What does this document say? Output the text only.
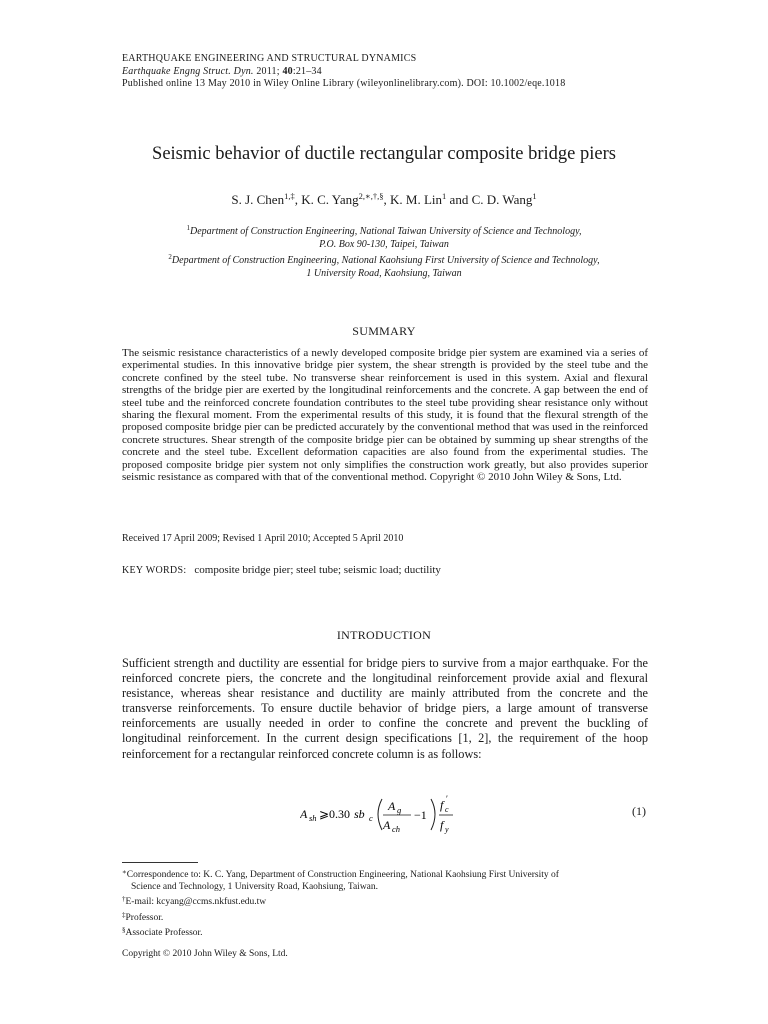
EARTHQUAKE ENGINEERING AND STRUCTURAL DYNAMICS
Earthquake Engng Struct. Dyn. 2011; 40:21–34
Published online 13 May 2010 in Wiley Online Library (wileyonlinelibrary.com). DOI: 10.1002/eqe.1018
Seismic behavior of ductile rectangular composite bridge piers
S. J. Chen$^{1,\ddagger}$, K. C. Yang$^{2,∗,\dagger,\S}$, K. M. Lin$^1$ and C. D. Wang$^1$
$^1$Department of Construction Engineering, National Taiwan University of Science and Technology,
P.O. Box 90-130, Taipei, Taiwan
$^2$Department of Construction Engineering, National Kaohsiung First University of Science and Technology,
1 University Road, Kaohsiung, Taiwan
SUMMARY
The seismic resistance characteristics of a newly developed composite bridge pier system are examined via a series of experimental studies. In this innovative bridge pier system, the shear strength is provided by the steel tube and the concrete confined by the steel tube. No transverse shear reinforcement is used in this system. Axial and flexural strengths of the bridge pier are exerted by the longitudinal reinforcements and the concrete. A gap between the end of steel tube and the reinforced concrete foundation contributes to the steel tube providing shear resistance only without sharing the flexural moment. From the experimental results of this study, it is found that the flexural strength of the proposed composite bridge pier can be predicted accurately by the conventional method that was used in the reinforced concrete structures. Shear strength of the composite bridge pier can be obtained by summing up shear strengths of the concrete and the steel tube. Excellent deformation capacities are also found from the experimental studies. The proposed composite bridge pier system not only simplifies the construction work greatly, but also provides superior seismic resistance as compared with that of the conventional method. Copyright © 2010 John Wiley & Sons, Ltd.
Received 17 April 2009; Revised 1 April 2010; Accepted 5 April 2010
KEY WORDS: composite bridge pier; steel tube; seismic load; ductility
INTRODUCTION
Sufficient strength and ductility are essential for bridge piers to survive from a major earthquake. For the reinforced concrete piers, the concrete and the longitudinal reinforcement provide axial and flexural resistance, whereas shear resistance and ductility are mainly attributed from the concrete and the transverse reinforcements. To ensure ductile behavior of bridge piers, a large amount of transverse reinforcements are usually needed in order to confine the concrete and prevent the buckling of longitudinal reinforcement. In the current design specifications [1, 2], the requirement of the hoop reinforcement for a rectangular reinforced concrete column is as follows:
A sh ⩾0.30 sb c
A g
A ch
−1
f c
′
f y
(1)

∗Correspondence to: K. C. Yang, Department of Construction Engineering, National Kaohsiung First University of

Science and Technology, 1 University Road, Kaohsiung, Taiwan.

†E-mail: kcyang@ccms.nkfust.edu.tw

‡Professor.

§Associate Professor.

Copyright © 2010 John Wiley & Sons, Ltd.
